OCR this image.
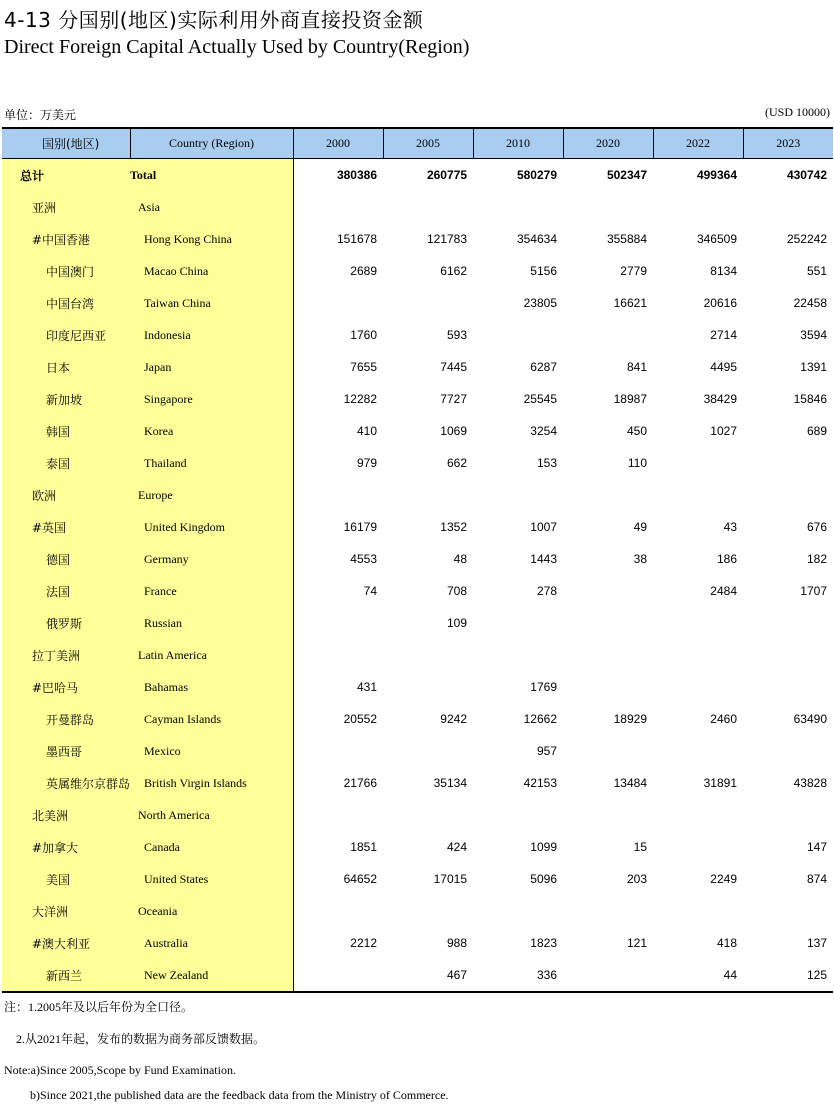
4-13 分国别(地区)实际利用外商直接投资金额
Direct Foreign Capital Actually Used by Country(Region)
单位：万美元	(USD 10000)
国别(地区)	Country (Region)	2000	2005	2010	2020	2022	2023
总计	Total	380386	260775	580279	502347	499364	430742
亚洲	Asia						
#中国香港	Hong Kong China	151678	121783	354634	355884	346509	252242
中国澳门	Macao China	2689	6162	5156	2779	8134	551
中国台湾	Taiwan China			23805	16621	20616	22458
印度尼西亚	Indonesia	1760	593			2714	3594
日本	Japan	7655	7445	6287	841	4495	1391
新加坡	Singapore	12282	7727	25545	18987	38429	15846
韩国	Korea	410	1069	3254	450	1027	689
泰国	Thailand	979	662	153	110		
欧洲	Europe						
#英国	United Kingdom	16179	1352	1007	49	43	676
德国	Germany	4553	48	1443	38	186	182
法国	France	74	708	278		2484	1707
俄罗斯	Russian		109				
拉丁美洲	Latin America						
#巴哈马	Bahamas	431		1769			
开曼群岛	Cayman Islands	20552	9242	12662	18929	2460	63490
墨西哥	Mexico			957			
英属维尔京群岛	British Virgin Islands	21766	35134	42153	13484	31891	43828
北美洲	North America						
#加拿大	Canada	1851	424	1099	15		147
美国	United States	64652	17015	5096	203	2249	874
大洋洲	Oceania						
#澳大利亚	Australia	2212	988	1823	121	418	137
新西兰	New Zealand		467	336		44	125
注：1.2005年及以后年份为全口径。
2.从2021年起，发布的数据为商务部反馈数据。
Note:a)Since 2005,Scope by Fund Examination.
b)Since 2021,the published data are the feedback data from the Ministry of Commerce.
